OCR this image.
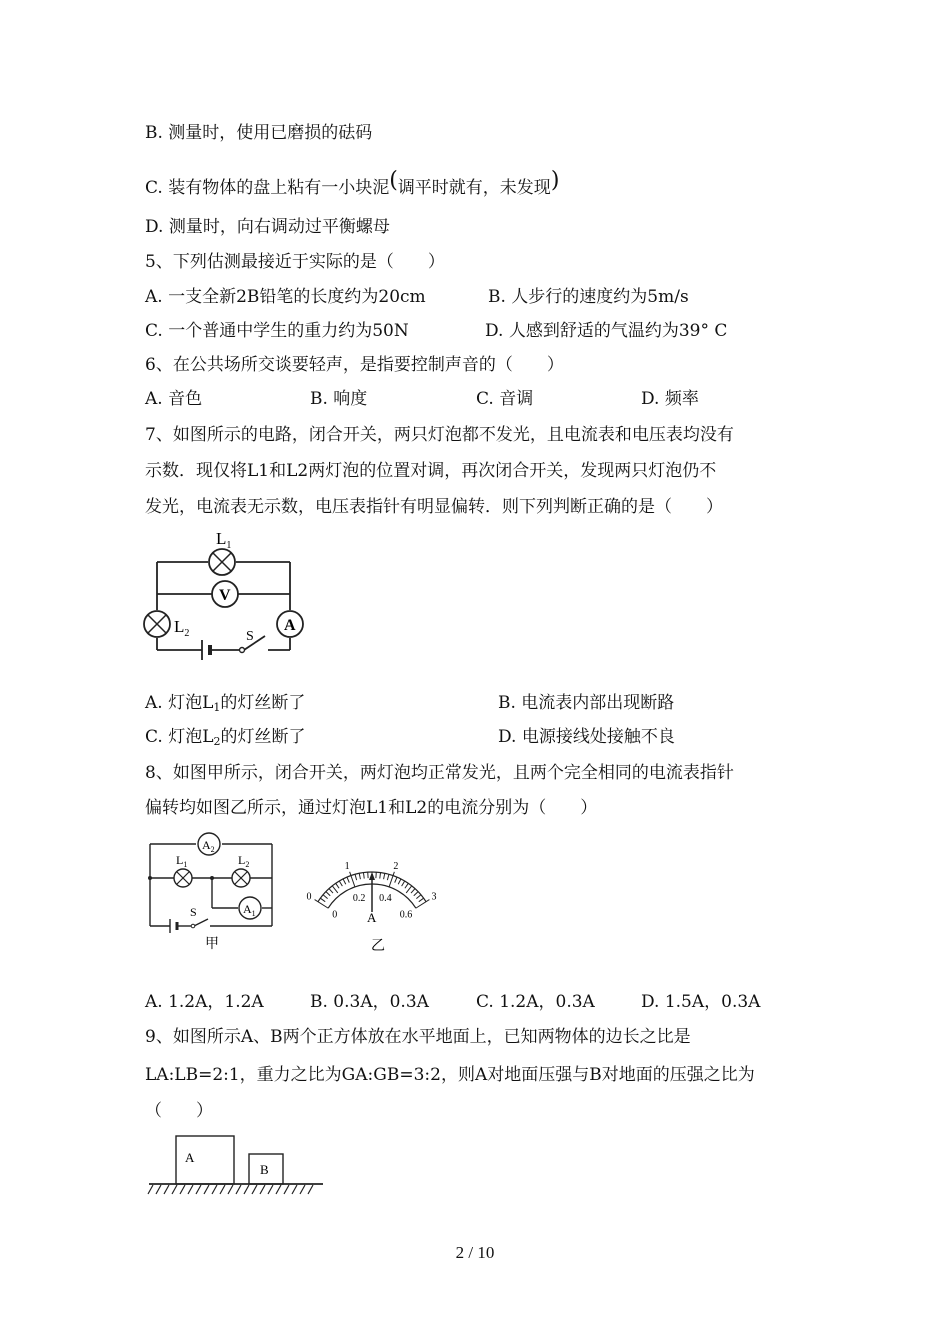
B. 测量时，使用已磨损的砝码
C. 装有物体的盘上粘有一小块泥(调平时就有，未发现)
D. 测量时，向右调动过平衡螺母
5、下列估测最接近于实际的是（　　）
A. 一支全新2B铅笔的长度约为20cm	B. 人步行的速度约为5m/s
C. 一个普通中学生的重力约为50N	D. 人感到舒适的气温约为39° C
6、在公共场所交谈要轻声，是指要控制声音的（　　）
A. 音色	B. 响度	C. 音调	D. 频率
7、如图所示的电路，闭合开关，两只灯泡都不发光，且电流表和电压表均没有
示数．现仅将L1和L2两灯泡的位置对调，再次闭合开关，发现两只灯泡仍不
发光，电流表无示数，电压表指针有明显偏转．则下列判断正确的是（　　）
$L_1$
V
$L_2$	A
S
A. 灯泡$L_1$的灯丝断了	B. 电流表内部出现断路
C. 灯泡$L_2$的灯丝断了	D. 电源接线处接触不良
8、如图甲所示，闭合开关，两灯泡均正常发光，且两个完全相同的电流表指针
偏转均如图乙所示，通过灯泡L1和L2的电流分别为（　　）
$A_2$
$L_1$	$L_2$
$A_1$
S
甲
0
0
1
0.2
2
0.4	3
0.6
A
乙
A. 1.2A，1.2A	B. 0.3A，0.3A	C. 1.2A，0.3A	D. 1.5A，0.3A
9、如图所示A、B两个正方体放在水平地面上，已知两物体的边长之比是
LA:LB=2:1，重力之比为GA:GB=3:2，则A对地面压强与B对地面的压强之比为
（　　）
A
B
2 / 10
